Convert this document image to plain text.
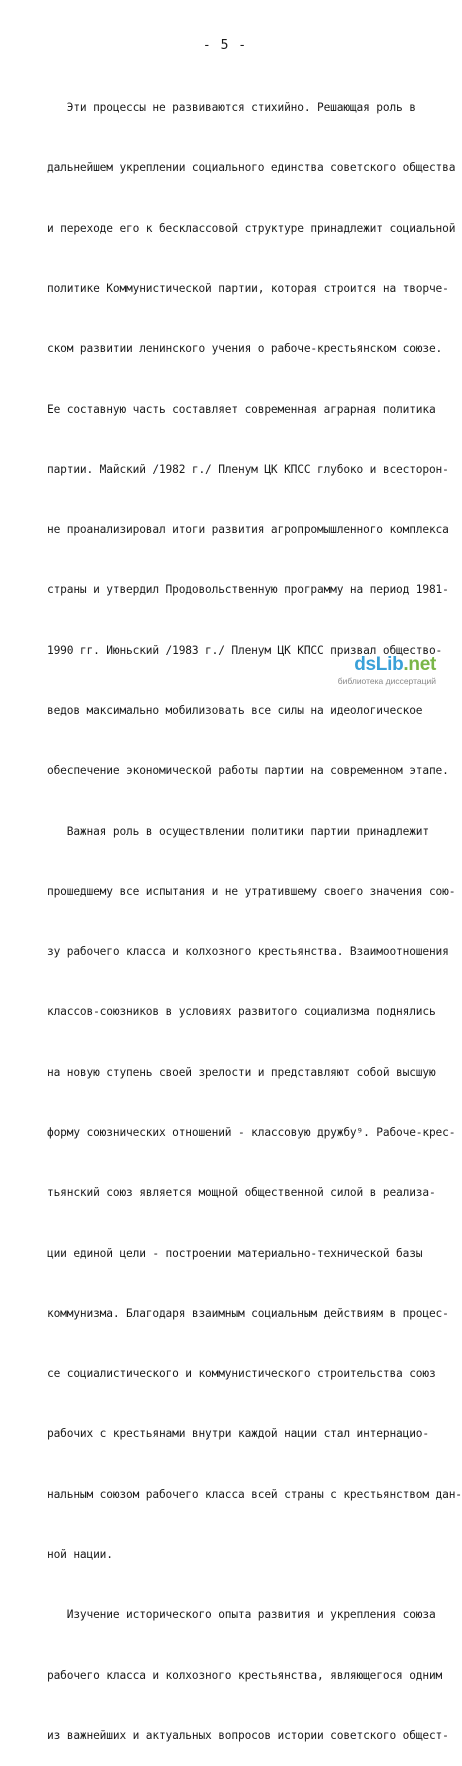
- 5 -

Эти процессы не развиваются стихийно. Решающая роль в

дальнейшем укреплении социального единства советского общества

и переходе его к бесклассовой структуре принадлежит социальной

политике Коммунистической партии, которая строится на творче-

ском развитии ленинского учения о рабоче-крестьянском союзе.

Ее составную часть составляет современная аграрная политика

партии. Майский /1982 г./ Пленум ЦК КПСС глубоко и всесторон-

не проанализировал итоги развития агропромышленного комплекса

страны и утвердил Продовольственную программу на период 1981-

1990 гг. Июньский /1983 г./ Пленум ЦК КПСС призвал общество-

ведов максимально мобилизовать все силы на идеологическое

обеспечение экономической работы партии на современном этапе.

Важная роль в осуществлении политики партии принадлежит

прошедшему все испытания и не утратившему своего значения сою-

зу рабочего класса и колхозного крестьянства. Взаимоотношения

классов-союзников в условиях развитого социализма поднялись

на новую ступень своей зрелости и представляют собой высшую

форму союзнических отношений - классовую дружбу⁹. Рабоче-крес-

тьянский союз является мощной общественной силой в реализа-

ции единой цели - построении материально-технической базы

коммунизма. Благодаря взаимным социальным действиям в процес-

се социалистического и коммунистического строительства союз

рабочих с крестьянами внутри каждой нации стал интернацио-

нальным союзом рабочего класса всей страны с крестьянством дан-

ной нации.

Изучение исторического опыта развития и укрепления союза

рабочего класса и колхозного крестьянства, являющегося одним

из важнейших и актуальных вопросов истории советского общест-

dsLib.net
библиотека диссертаций
